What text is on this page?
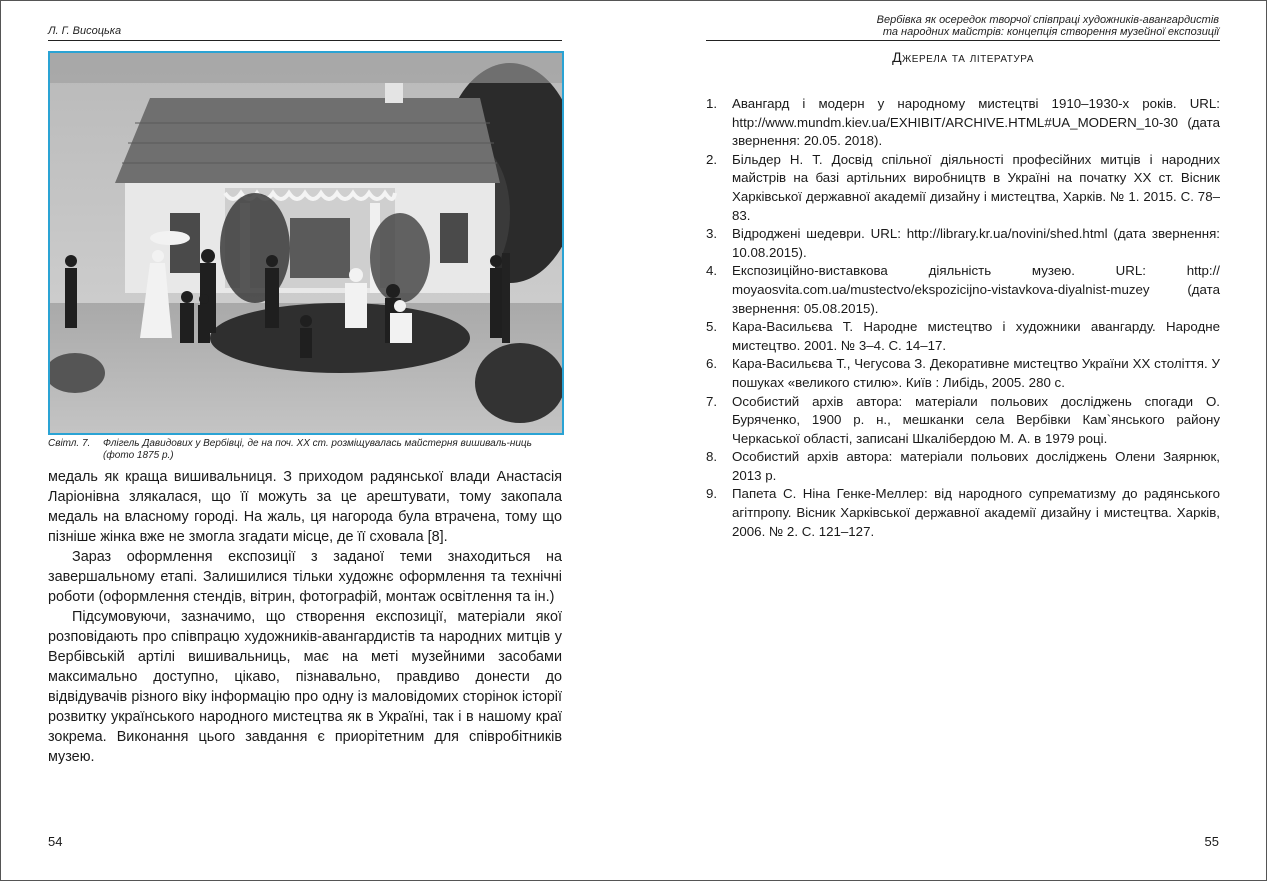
Л. Г. Висоцька
Світл. 7. Флігель Давидових у Вербівці, де на поч. ХХ ст. розміщувалась майстерня вишиваль-ниць (фото 1875 р.)

медаль як краща вишивальниця. З приходом радянської влади Анастасія Ларіонівна злякалася, що її можуть за це арештувати, тому закопала медаль на власному городі. На жаль, ця нагорода була втрачена, тому що пізніше жінка вже не змогла згадати місце, де її сховала [8].

Зараз оформлення експозиції з заданої теми знаходиться на завершальному етапі. Залишилися тільки художнє оформлення та технічні роботи (оформлення стендів, вітрин, фотографій, монтаж освітлення та ін.)

Підсумовуючи, зазначимо, що створення експозиції, матеріали якої розповідають про співпрацю художників-авангардистів та народних митців у Вербівській артілі вишивальниць, має на меті музейними засобами максимально доступно, цікаво, пізнавально, правдиво донести до відвідувачів різного віку інформацію про одну із маловідомих сторінок історії розвитку українського народного мистецтва як в Україні, так і в нашому краї зокрема. Виконання цього завдання є приорітетним для співробітників музею.

54
Вербівка як осередок творчої співпраці художників-авангардистів
та народних майстрів: концепція створення музейної експозиції
Джерела та література
1. Авангард і модерн у народному мистецтві 1910–1930-х років. URL: http://www.mundm.kiev.ua/EXHIBIT/ARCHIVE.HTML#UA_MODERN_10-30 (дата звернення: 20.05. 2018).
2. Більдер Н. Т. Досвід спільної діяльності професійних митців і народних майстрів на базі артільних виробництв в Україні на початку ХХ ст. Вісник Харківської державної академії дизайну і мистецтва, Харків. № 1. 2015. С. 78–83.
3. Відроджені шедеври. URL: http://library.kr.ua/novini/shed.html (дата звернення: 10.08.2015).
4. Експозиційно-виставкова діяльність музею. URL: http:// moyaosvita.com.ua/mustectvo/ekspozicijno-vistavkova-diyalnist-muzey (дата звернення: 05.08.2015).
5. Кара-Васильєва Т. Народне мистецтво і художники авангарду. Народне мистецтво. 2001. № 3–4. С. 14–17.
6. Кара-Васильєва Т., Чегусова З. Декоративне мистецтво України ХХ століття. У пошуках «великого стилю». Київ : Либідь, 2005. 280 с.
7. Особистий архів автора: матеріали польових досліджень спогади О. Буряченко, 1900 р. н., мешканки села Вербівки Кам`янського району Черкаської області, записані Шкалібердою М. А. в 1979 році.
8. Особистий архів автора: матеріали польових досліджень Олени Заярнюк, 2013 р.
9. Папета С. Ніна Генке-Меллер: від народного супрематизму до радянського агітпропу. Вісник Харківської державної академії дизайну і мистецтва. Харків, 2006. № 2. С. 121–127.
55
